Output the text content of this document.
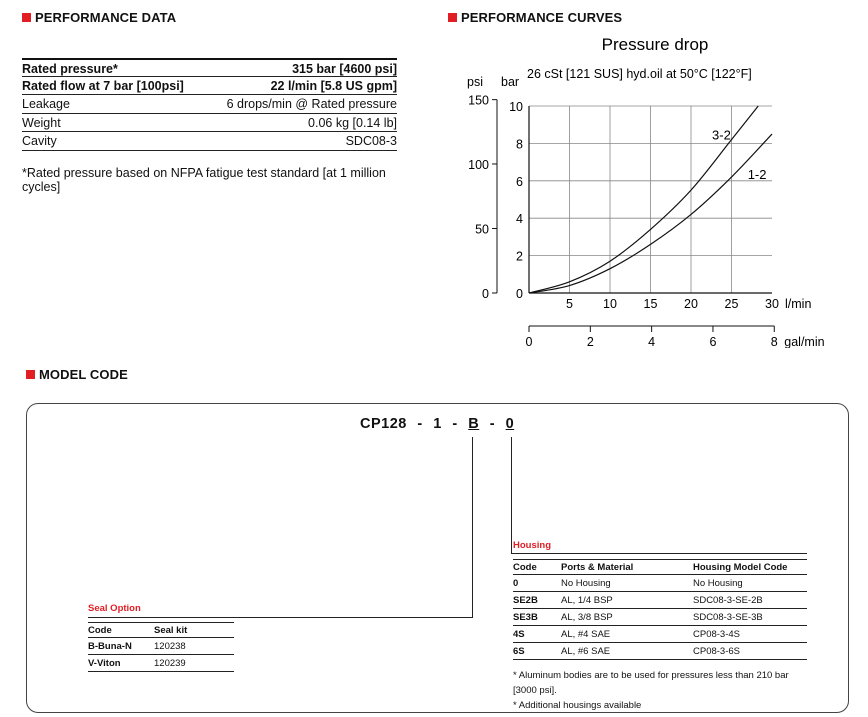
PERFORMANCE DATA	PERFORMANCE CURVES
MODEL CODE
Rated pressure*	315 bar [4600 psi]
Rated flow at 7 bar [100psi]	22 l/min [5.8 US gpm]
Leakage	6 drops/min @ Rated pressure
Weight	0.06 kg [0.14 lb]
Cavity	SDC08-3
*Rated pressure based on NFPA fatigue test standard [at 1 million cycles]
Pressure drop
26 cSt [121 SUS] hyd.oil at 50°C [122°F]
psi bar
0
2
4
6
8
10
0
50
100
150
5 10 15 20 25 30 l/min
0	2	4	6	8 gal/min
3-2
1-2
CP128 - 1 - B - 0
Seal Option
Code	Seal kit
B-Buna-N	120238
V-Viton	120239
Housing
Code	Ports & Material	Housing Model Code
0	No Housing	No Housing
SE2B	AL, 1/4 BSP	SDC08-3-SE-2B
SE3B	AL, 3/8 BSP	SDC08-3-SE-3B
4S	AL, #4 SAE	CP08-3-4S
6S	AL, #6 SAE	CP08-3-6S
* Aluminum bodies are to be used for pressures less than 210 bar [3000 psi].
* Additional housings available
